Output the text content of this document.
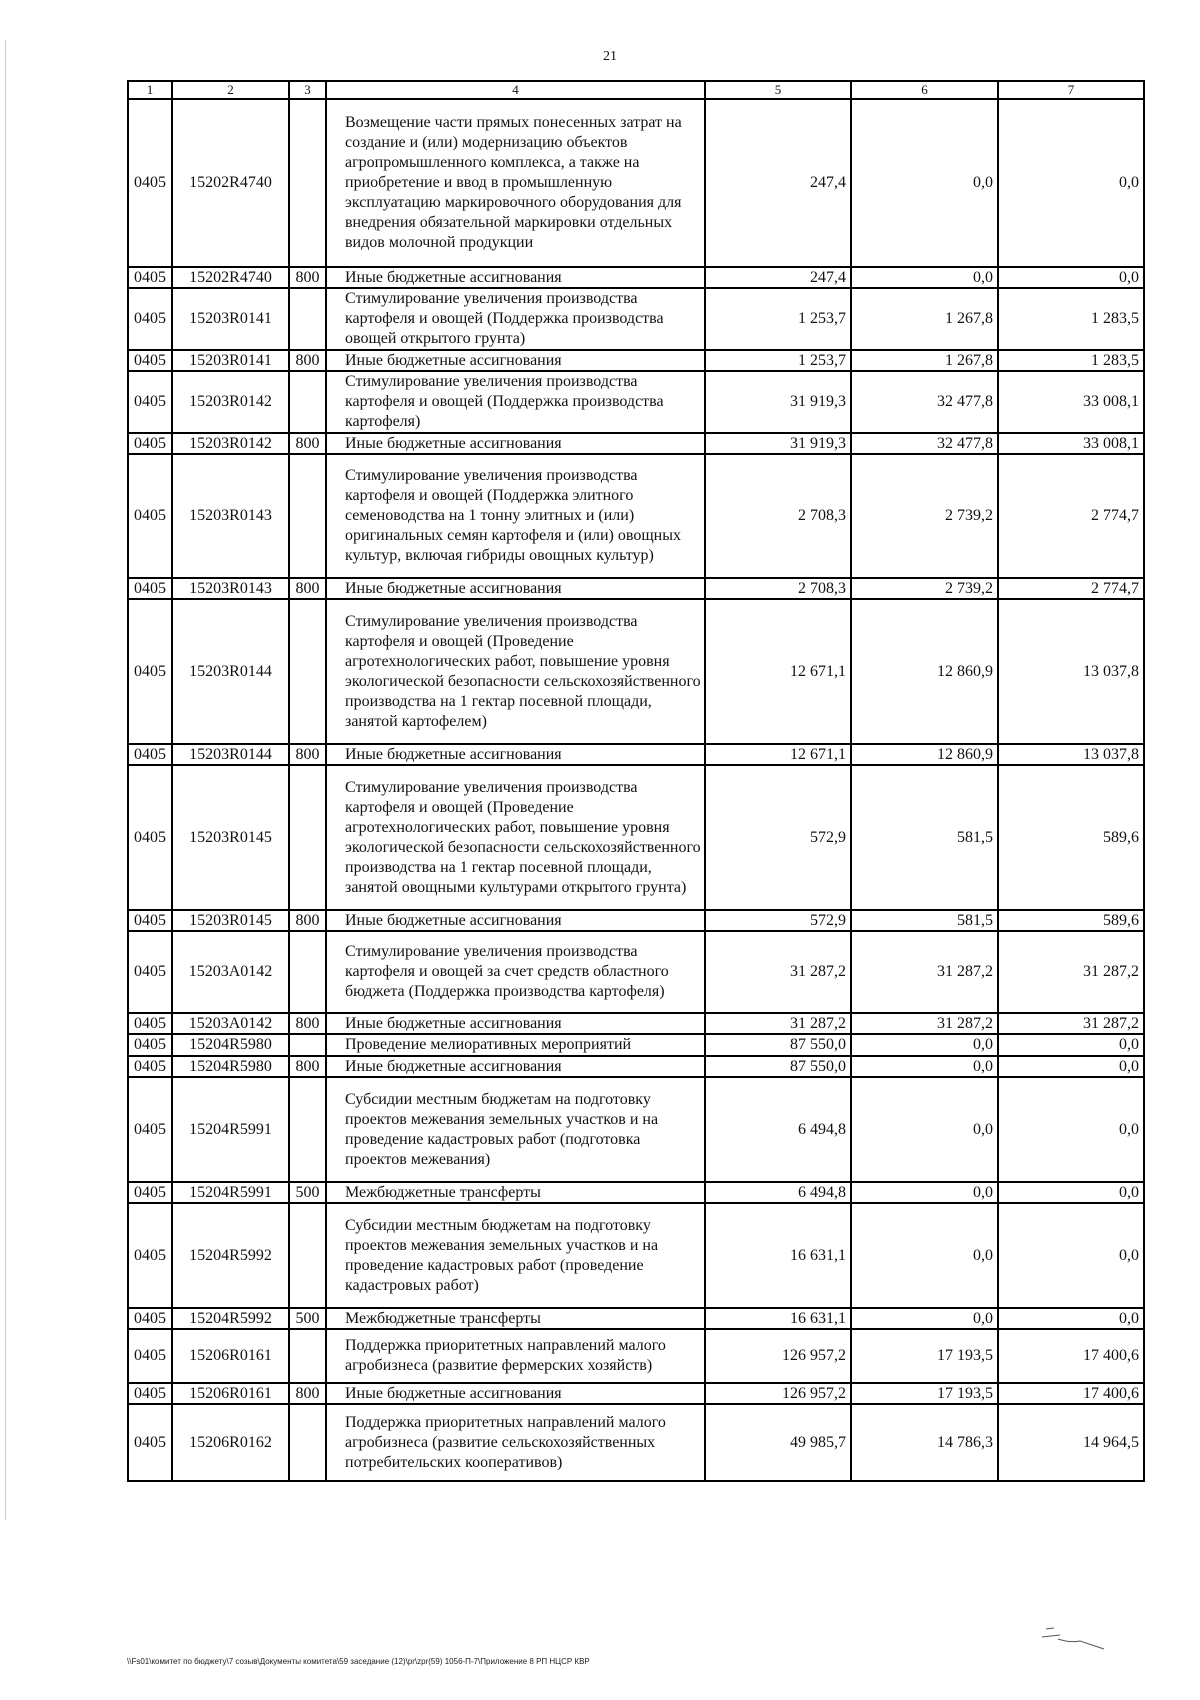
21
1	2	3	4	5	6	7
0405	15202R4740		Возмещение части прямых понесенных затрат на создание и (или) модернизацию объектов агропромышленного комплекса, а также на приобретение и ввод в промышленную эксплуатацию маркировочного оборудования для внедрения обязательной маркировки отдельных видов молочной продукции	247,4	0,0	0,0
0405	15202R4740	800	Иные бюджетные ассигнования	247,4	0,0	0,0
0405	15203R0141		Стимулирование увеличения производства картофеля и овощей (Поддержка производства овощей открытого грунта)	1 253,7	1 267,8	1 283,5
0405	15203R0141	800	Иные бюджетные ассигнования	1 253,7	1 267,8	1 283,5
0405	15203R0142		Стимулирование увеличения производства картофеля и овощей (Поддержка производства картофеля)	31 919,3	32 477,8	33 008,1
0405	15203R0142	800	Иные бюджетные ассигнования	31 919,3	32 477,8	33 008,1
0405	15203R0143		Стимулирование увеличения производства картофеля и овощей (Поддержка элитного семеноводства на 1 тонну элитных и (или) оригинальных семян картофеля и (или) овощных культур, включая гибриды овощных культур)	2 708,3	2 739,2	2 774,7
0405	15203R0143	800	Иные бюджетные ассигнования	2 708,3	2 739,2	2 774,7
0405	15203R0144		Стимулирование увеличения производства картофеля и овощей (Проведение агротехнологических работ, повышение уровня экологической безопасности сельскохозяйственного производства на 1 гектар посевной площади, занятой картофелем)	12 671,1	12 860,9	13 037,8
0405	15203R0144	800	Иные бюджетные ассигнования	12 671,1	12 860,9	13 037,8
0405	15203R0145		Стимулирование увеличения производства картофеля и овощей (Проведение агротехнологических работ, повышение уровня экологической безопасности сельскохозяйственного производства на 1 гектар посевной площади, занятой овощными культурами открытого грунта)	572,9	581,5	589,6
0405	15203R0145	800	Иные бюджетные ассигнования	572,9	581,5	589,6
0405	15203A0142		Стимулирование увеличения производства картофеля и овощей за счет средств областного бюджета (Поддержка производства картофеля)	31 287,2	31 287,2	31 287,2
0405	15203A0142	800	Иные бюджетные ассигнования	31 287,2	31 287,2	31 287,2
0405	15204R5980		Проведение мелиоративных мероприятий	87 550,0	0,0	0,0
0405	15204R5980	800	Иные бюджетные ассигнования	87 550,0	0,0	0,0
0405	15204R5991		Субсидии местным бюджетам на подготовку проектов межевания земельных участков и на проведение кадастровых работ (подготовка проектов межевания)	6 494,8	0,0	0,0
0405	15204R5991	500	Межбюджетные трансферты	6 494,8	0,0	0,0
0405	15204R5992		Субсидии местным бюджетам на подготовку проектов межевания земельных участков и на проведение кадастровых работ (проведение кадастровых работ)	16 631,1	0,0	0,0
0405	15204R5992	500	Межбюджетные трансферты	16 631,1	0,0	0,0
0405	15206R0161		Поддержка приоритетных направлений малого агробизнеса (развитие фермерских хозяйств)	126 957,2	17 193,5	17 400,6
0405	15206R0161	800	Иные бюджетные ассигнования	126 957,2	17 193,5	17 400,6
0405	15206R0162		Поддержка приоритетных направлений малого агробизнеса (развитие сельскохозяйственных потребительских кооперативов)	49 985,7	14 786,3	14 964,5
\\Fs01\комитет по бюджету\7 созыв\Документы комитета\59 заседание (12)\pr\zpr(59) 1056-П-7\Приложение 8 РП НЦСР КВР
